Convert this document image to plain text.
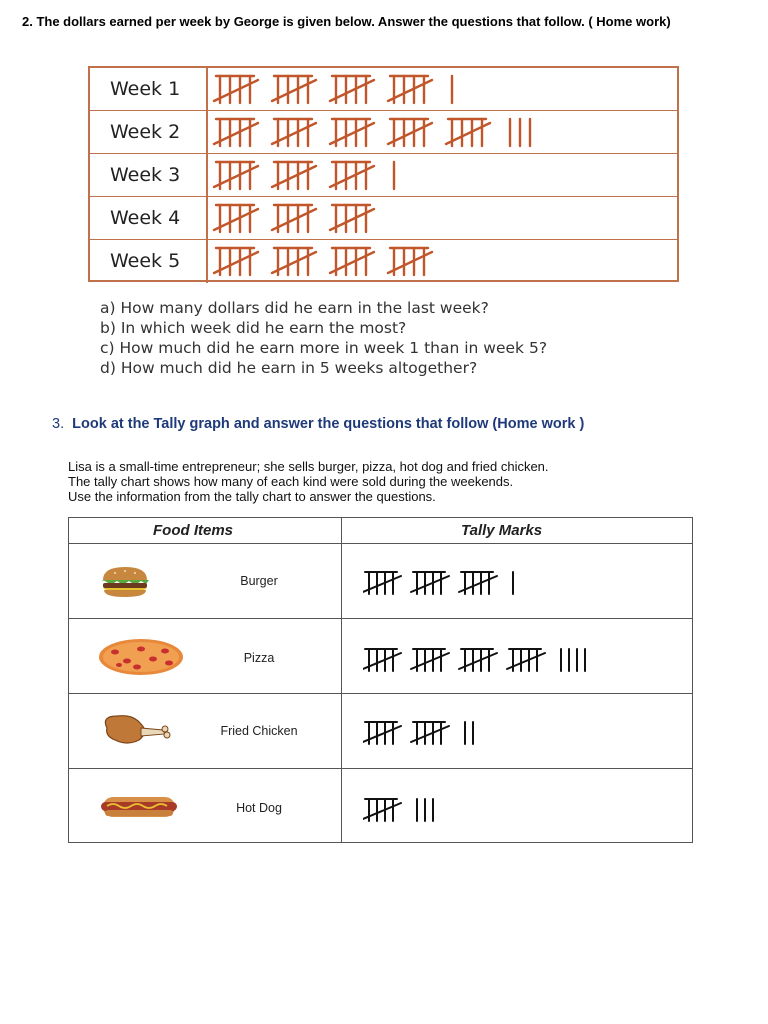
2. The dollars earned per week by George is given below. Answer the questions that follow. ( Home work)
Week 1
Week 2
Week 3
Week 4
Week 5
a) How many dollars did he earn in the last week?
b) In which week did he earn the most?
c) How much did he earn more in week 1 than in week 5?
d) How much did he earn in 5 weeks altogether?
3. Look at the Tally graph and answer the questions that follow (Home work )
Lisa is a small-time entrepreneur; she sells burger, pizza, hot dog and fried chicken.
The tally chart shows how many of each kind were sold during the weekends.
Use the information from the tally chart to answer the questions.
Food Items	Tally Marks
Burger
Pizza
Fried Chicken
Hot Dog
